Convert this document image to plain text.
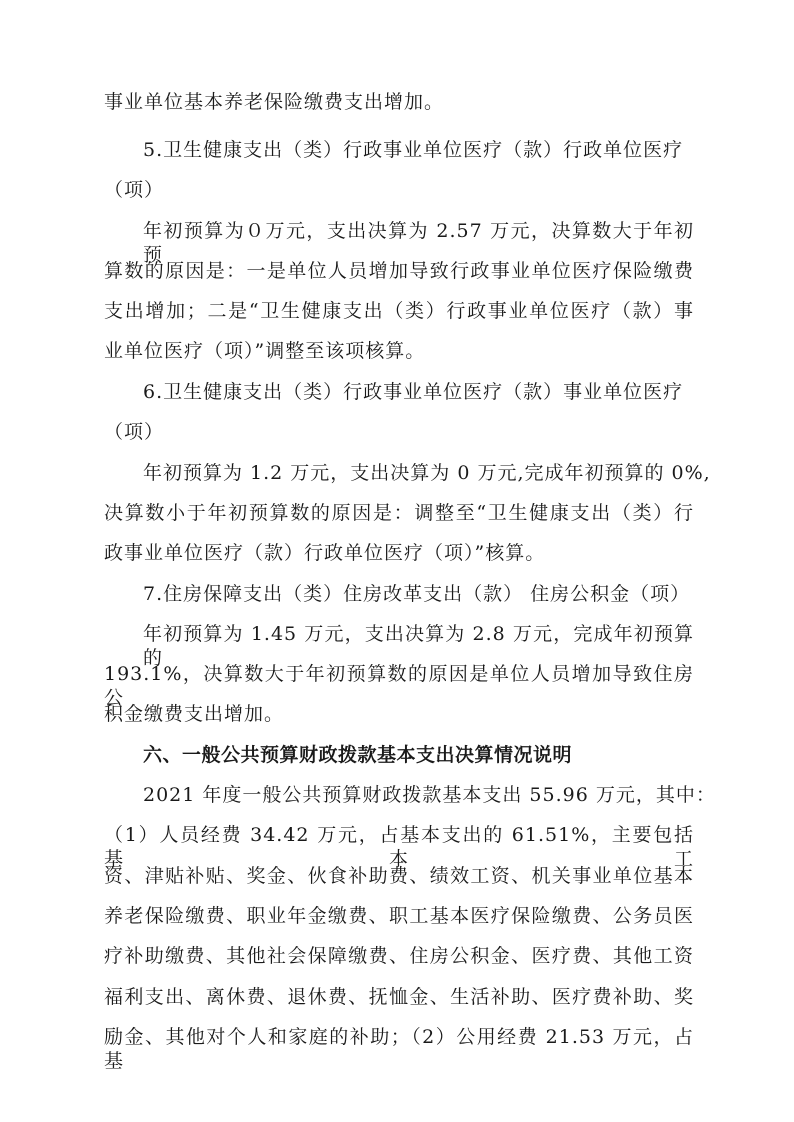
事业单位基本养老保险缴费支出增加。
5.卫生健康支出（类）行政事业单位医疗（款）行政单位医疗
（项）
年初预算为０万元，支出决算为 2.57 万元，决算数大于年初预
算数的原因是：一是单位人员增加导致行政事业单位医疗保险缴费
支出增加；二是“卫生健康支出（类）行政事业单位医疗（款）事
业单位医疗（项）”调整至该项核算。
6.卫生健康支出（类）行政事业单位医疗（款）事业单位医疗
（项）
年初预算为 1.2 万元，支出决算为 0 万元,完成年初预算的 0%,
决算数小于年初预算数的原因是：调整至“卫生健康支出（类）行
政事业单位医疗（款）行政单位医疗（项）”核算。
7.住房保障支出（类）住房改革支出（款） 住房公积金（项）
年初预算为 1.45 万元，支出决算为 2.8 万元，完成年初预算的
193.1%，决算数大于年初预算数的原因是单位人员增加导致住房公
积金缴费支出增加。
六、一般公共预算财政拨款基本支出决算情况说明
2021 年度一般公共预算财政拨款基本支出 55.96 万元，其中：
（1）人员经费 34.42 万元，占基本支出的 61.51%，主要包括基本工
资、津贴补贴、奖金、伙食补助费、绩效工资、机关事业单位基本
养老保险缴费、职业年金缴费、职工基本医疗保险缴费、公务员医
疗补助缴费、其他社会保障缴费、住房公积金、医疗费、其他工资
福利支出、离休费、退休费、抚恤金、生活补助、医疗费补助、奖
励金、其他对个人和家庭的补助；（2）公用经费 21.53 万元，占基
